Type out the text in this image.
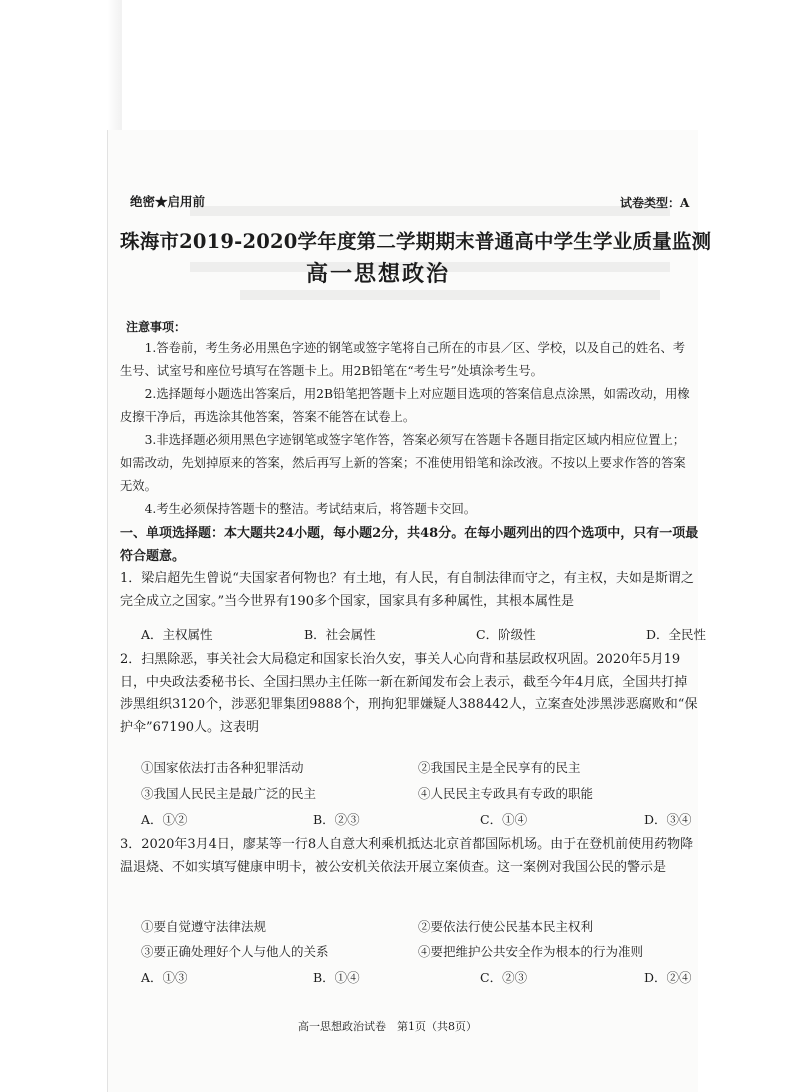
绝密★启用前	试卷类型：A
珠海市2019-2020学年度第二学期期末普通高中学生学业质量监测
高一思想政治
注意事项：
1.答卷前，考生务必用黑色字迹的钢笔或签字笔将自己所在的市县／区、学校，以及自己的姓名、考生号、试室号和座位号填写在答题卡上。用2B铅笔在“考生号”处填涂考生号。
2.选择题每小题选出答案后，用2B铅笔把答题卡上对应题目选项的答案信息点涂黑，如需改动，用橡皮擦干净后，再选涂其他答案，答案不能答在试卷上。
3.非选择题必须用黑色字迹钢笔或签字笔作答，答案必须写在答题卡各题目指定区域内相应位置上；如需改动，先划掉原来的答案，然后再写上新的答案；不准使用铅笔和涂改液。不按以上要求作答的答案无效。
4.考生必须保持答题卡的整洁。考试结束后，将答题卡交回。
一、单项选择题：本大题共24小题，每小题2分，共48分。在每小题列出的四个选项中，只有一项最符合题意。
1．梁启超先生曾说“夫国家者何物也？有土地，有人民，有自制法律而守之，有主权，夫如是斯谓之完全成立之国家。”当今世界有190多个国家，国家具有多种属性，其根本属性是
A．主权属性	B．社会属性	C．阶级性	D．全民性
2．扫黑除恶，事关社会大局稳定和国家长治久安，事关人心向背和基层政权巩固。2020年5月19日，中央政法委秘书长、全国扫黑办主任陈一新在新闻发布会上表示，截至今年4月底，全国共打掉涉黑组织3120个，涉恶犯罪集团9888个，刑拘犯罪嫌疑人388442人，立案查处涉黑涉恶腐败和“保护伞”67190人。这表明
①国家依法打击各种犯罪活动	②我国民主是全民享有的民主
③我国人民民主是最广泛的民主	④人民民主专政具有专政的职能
A．①②	B．②③	C．①④	D．③④
3．2020年3月4日，廖某等一行8人自意大利乘机抵达北京首都国际机场。由于在登机前使用药物降温退烧、不如实填写健康申明卡，被公安机关依法开展立案侦查。这一案例对我国公民的警示是
①要自觉遵守法律法规	②要依法行使公民基本民主权利
③要正确处理好个人与他人的关系	④要把维护公共安全作为根本的行为准则
A．①③	B．①④	C．②③	D．②④
高一思想政治试卷　第1页（共8页）
